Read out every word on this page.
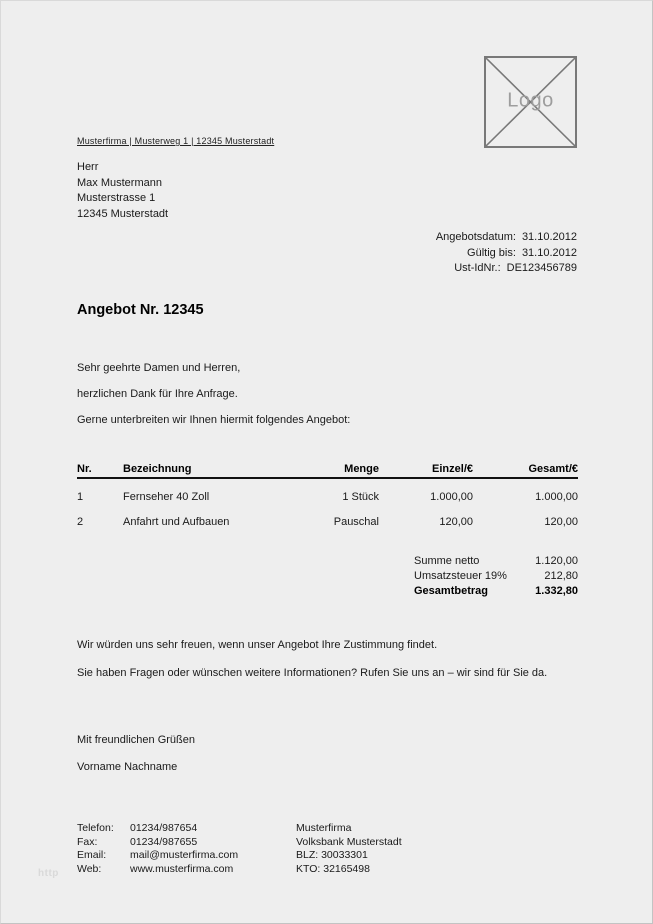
Logo
Musterfirma | Musterweg 1 | 12345 Musterstadt
Herr
Max Mustermann
Musterstrasse 1
12345 Musterstadt
Angebotsdatum: 31.10.2012
Gültig bis: 31.10.2012
Ust-IdNr.: DE123456789
Angebot Nr. 12345
Sehr geehrte Damen und Herren,
herzlichen Dank für Ihre Anfrage.
Gerne unterbreiten wir Ihnen hiermit folgendes Angebot:
Nr.	Bezeichnung	Menge	Einzel/€	Gesamt/€
1	Fernseher 40 Zoll	1 Stück	1.000,00	1.000,00
2	Anfahrt und Aufbauen	Pauschal	120,00	120,00
Summe netto	1.120,00
Umsatzsteuer 19%	212,80
Gesamtbetrag	1.332,80

Wir würden uns sehr freuen, wenn unser Angebot Ihre Zustimmung findet.

Sie haben Fragen oder wünschen weitere Informationen? Rufen Sie uns an – wir sind für Sie da.

Mit freundlichen Grüßen
Vorname Nachname
Telefon:	01234/987654
Fax:	01234/987655
Email:	mail@musterfirma.com
Web:	www.musterfirma.com
Musterfirma
Volksbank Musterstadt
BLZ: 30033301
KTO: 32165498
http
